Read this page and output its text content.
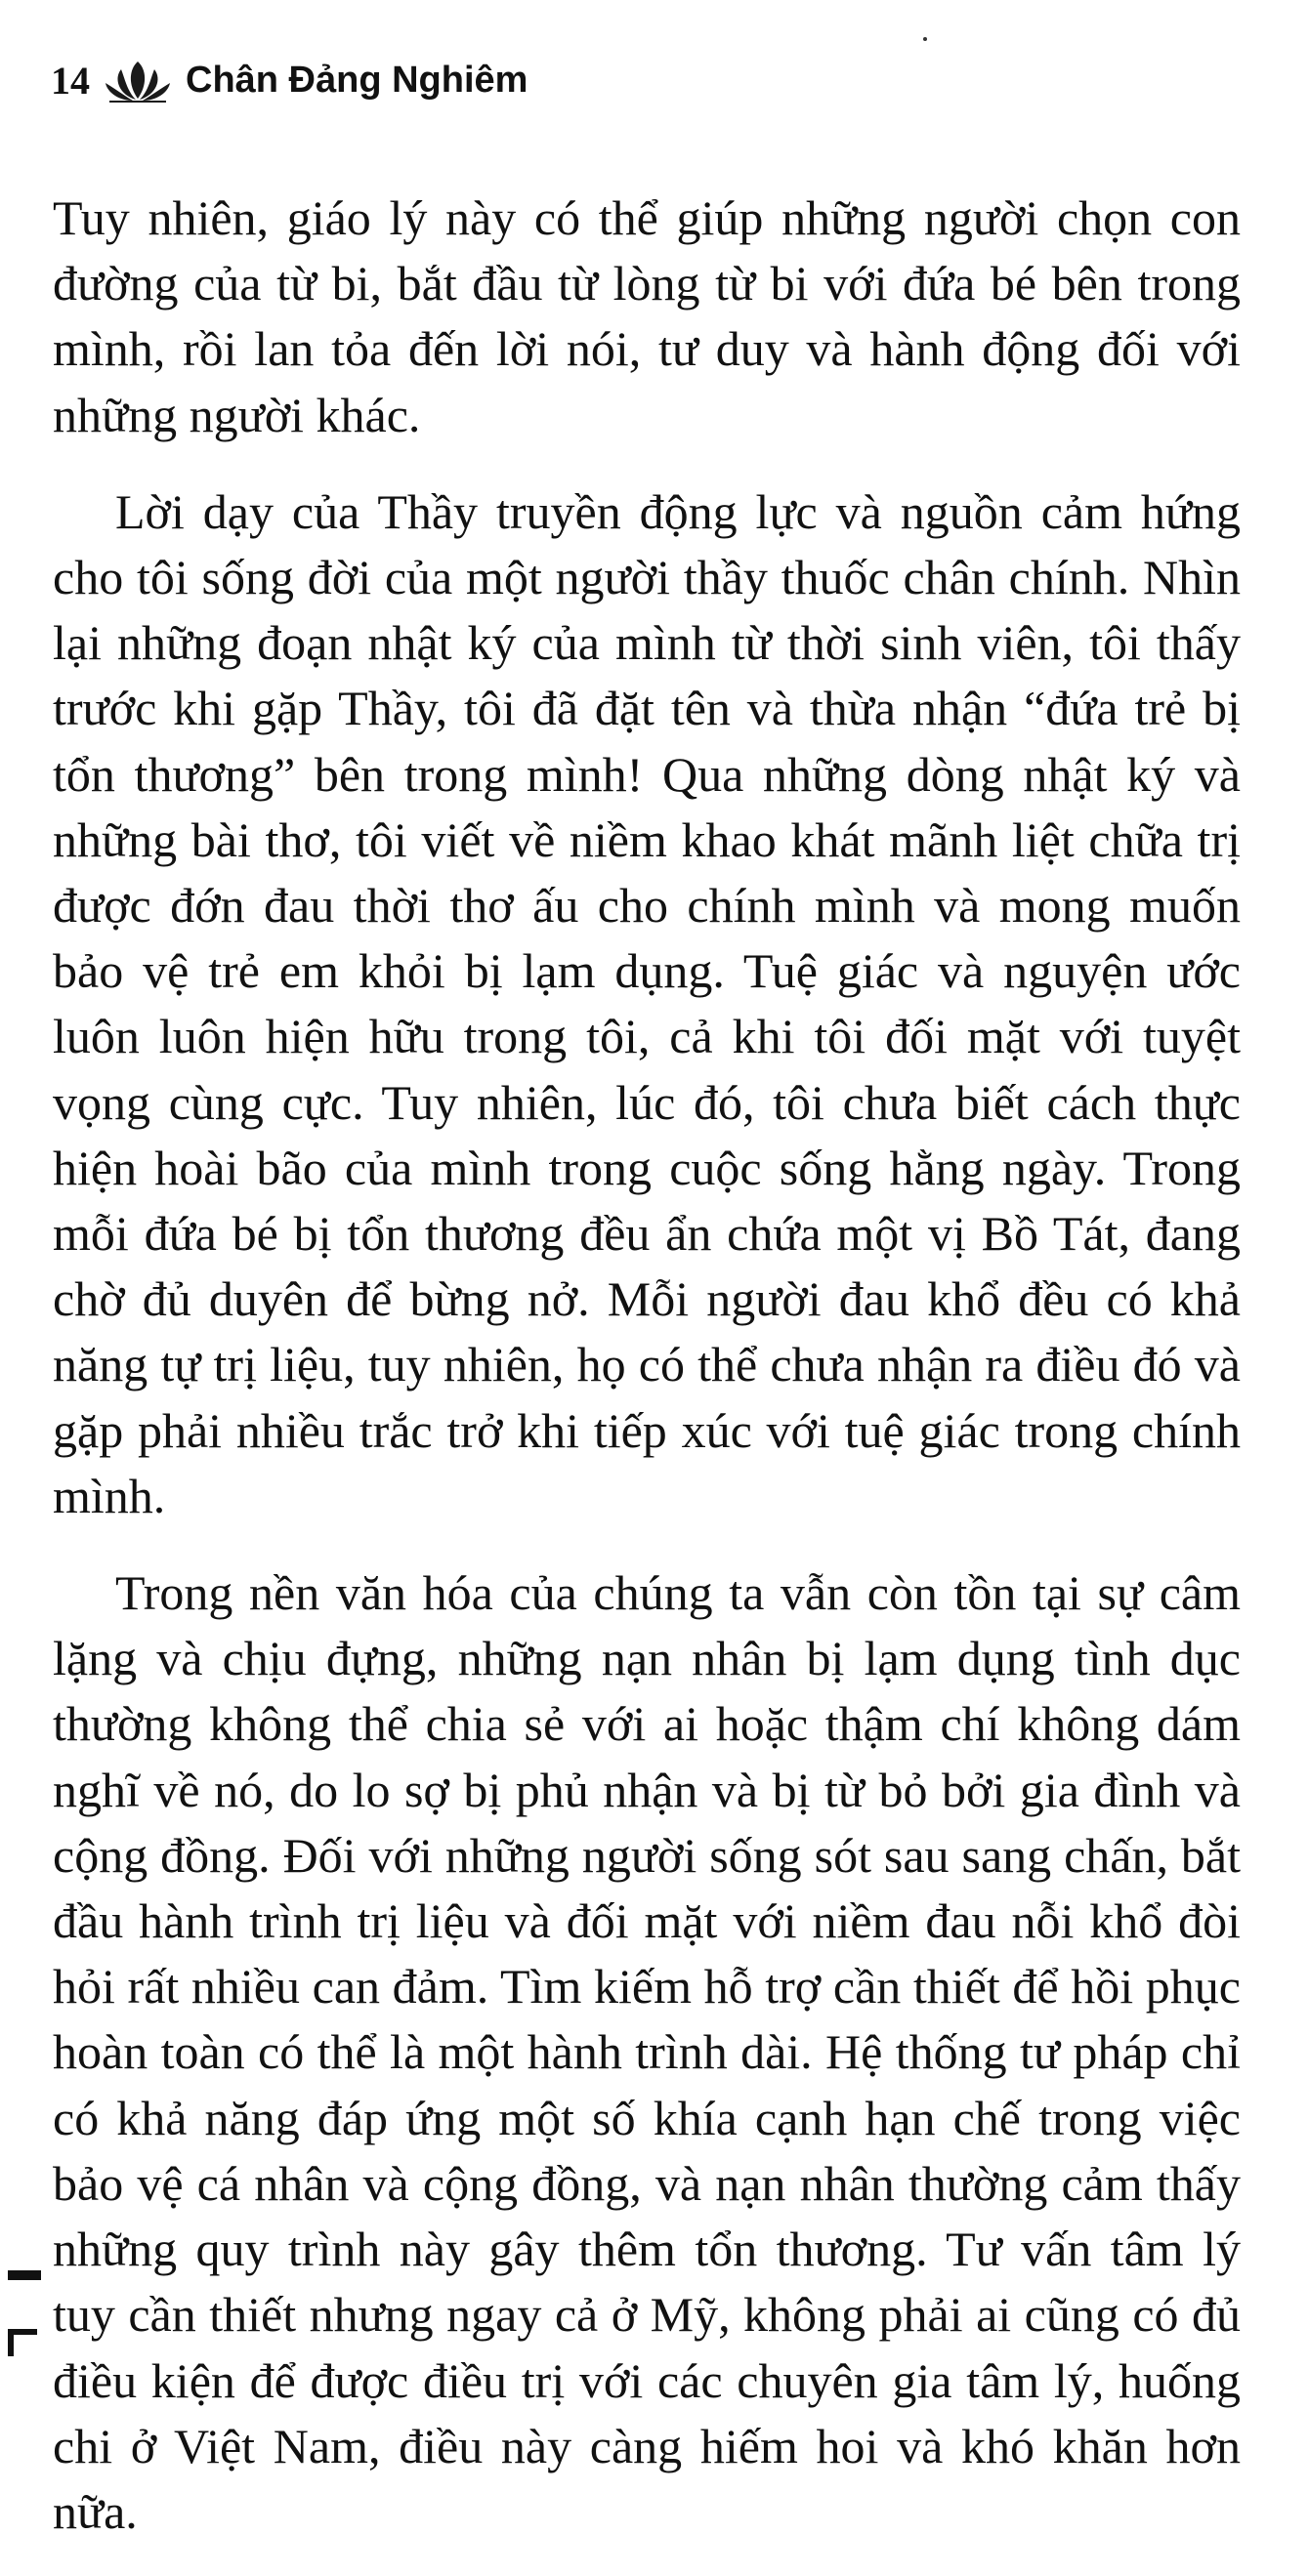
14	Chân Đảng Nghiêm

Tuy nhiên, giáo lý này có thể giúp những người chọn con đường của từ bi, bắt đầu từ lòng từ bi với đứa bé bên trong mình, rồi lan tỏa đến lời nói, tư duy và hành động đối với những người khác.

Lời dạy của Thầy truyền động lực và nguồn cảm hứng cho tôi sống đời của một người thầy thuốc chân chính. Nhìn lại những đoạn nhật ký của mình từ thời sinh viên, tôi thấy trước khi gặp Thầy, tôi đã đặt tên và thừa nhận “đứa trẻ bị tổn thương” bên trong mình! Qua những dòng nhật ký và những bài thơ, tôi viết về niềm khao khát mãnh liệt chữa trị được đớn đau thời thơ ấu cho chính mình và mong muốn bảo vệ trẻ em khỏi bị lạm dụng. Tuệ giác và nguyện ước luôn luôn hiện hữu trong tôi, cả khi tôi đối mặt với tuyệt vọng cùng cực. Tuy nhiên, lúc đó, tôi chưa biết cách thực hiện hoài bão của mình trong cuộc sống hằng ngày. Trong mỗi đứa bé bị tổn thương đều ẩn chứa một vị Bồ Tát, đang chờ đủ duyên để bừng nở. Mỗi người đau khổ đều có khả năng tự trị liệu, tuy nhiên, họ có thể chưa nhận ra điều đó và gặp phải nhiều trắc trở khi tiếp xúc với tuệ giác trong chính mình.

Trong nền văn hóa của chúng ta vẫn còn tồn tại sự câm lặng và chịu đựng, những nạn nhân bị lạm dụng tình dục thường không thể chia sẻ với ai hoặc thậm chí không dám nghĩ về nó, do lo sợ bị phủ nhận và bị từ bỏ bởi gia đình và cộng đồng. Đối với những người sống sót sau sang chấn, bắt đầu hành trình trị liệu và đối mặt với niềm đau nỗi khổ đòi hỏi rất nhiều can đảm. Tìm kiếm hỗ trợ cần thiết để hồi phục hoàn toàn có thể là một hành trình dài. Hệ thống tư pháp chỉ có khả năng đáp ứng một số khía cạnh hạn chế trong việc bảo vệ cá nhân và cộng đồng, và nạn nhân thường cảm thấy những quy trình này gây thêm tổn thương. Tư vấn tâm lý tuy cần thiết nhưng ngay cả ở Mỹ, không phải ai cũng có đủ điều kiện để được điều trị với các chuyên gia tâm lý, huống chi ở Việt Nam, điều này càng hiếm hoi và khó khăn hơn nữa.
